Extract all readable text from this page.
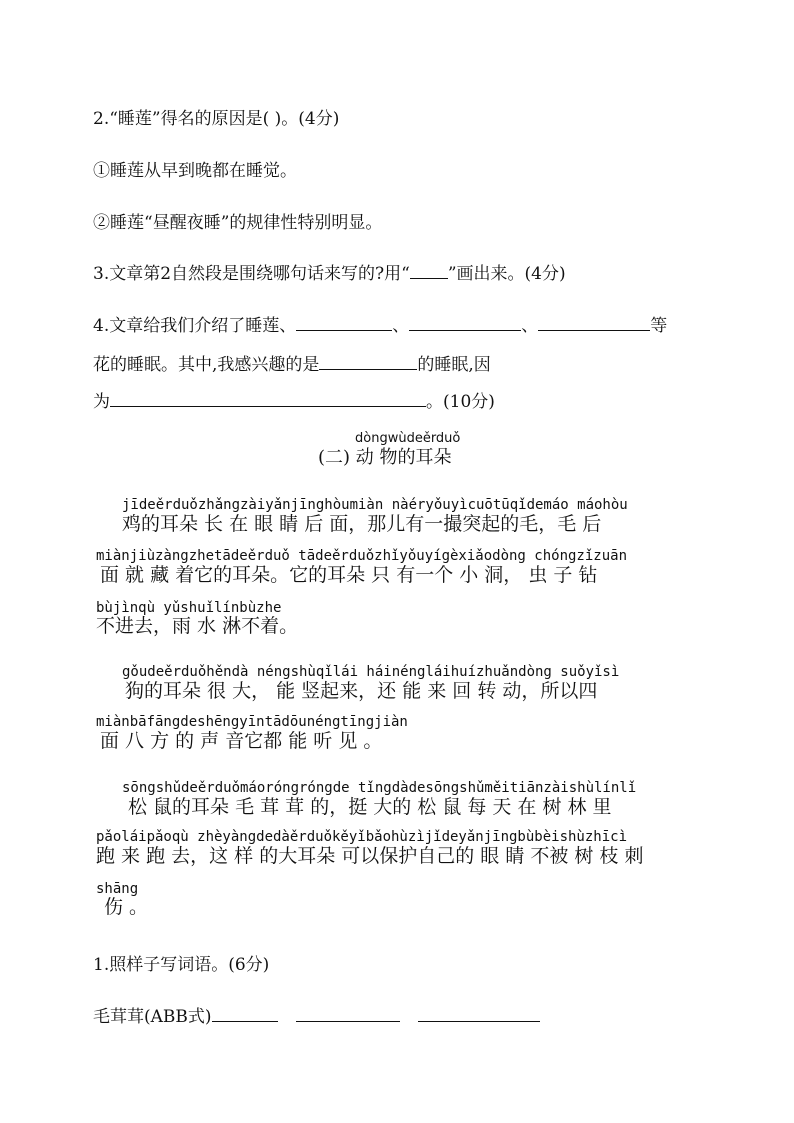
2.“睡莲”得名的原因是( )。(4分)
①睡莲从早到晚都在睡觉。
②睡莲“昼醒夜睡”的规律性特别明显。
3.文章第2自然段是围绕哪句话来写的?用“ ”画出来。(4分)
4.文章给我们介绍了睡莲、	、	、	等
花的睡眠。其中,我感兴趣的是	的睡眠,因
为	。(10分)
dòngwùdeěrduǒ
(二) 动 物的耳朵
jīdeěrduǒzhǎngzàiyǎnjīnghòumiàn nàéryǒuyìcuōtūqǐdemáo máohòu
鸡的耳朵 长 在 眼 睛 后 面，那儿有一撮突起的毛，毛 后
miànjiùzàngzhetādeěrduǒ tādeěrduǒzhǐyǒuyígèxiǎodòng chóngzǐzuān
面 就 藏 着它的耳朵。它的耳朵 只 有一个 小 洞， 虫 子 钻
bùjìnqù yǔshuǐlínbùzhe
不进去，雨 水 淋不着。
gǒudeěrduǒhěndà néngshùqǐlái háinéngláihuízhuǎndòng suǒyǐsì
狗的耳朵 很 大， 能 竖起来，还 能 来 回 转 动，所以四
miànbāfāngdeshēngyīntādōunéngtīngjiàn
面 八 方 的 声 音它都 能 听 见 。
sōngshǔdeěrduǒmáoróngróngde tǐngdàdesōngshǔměitiānzàishùlínlǐ
松 鼠的耳朵 毛 茸 茸 的，挺 大的 松 鼠 每 天 在 树 林 里
pǎoláipǎoqù zhèyàngdedàěrduǒkěyǐbǎohùzìjǐdeyǎnjīngbùbèishùzhīcì
跑 来 跑 去，这 样 的大耳朵 可以保护自己的 眼 睛 不被 树 枝 刺
shāng
伤 。
1.照样子写词语。(6分)
毛茸茸(ABB式)
